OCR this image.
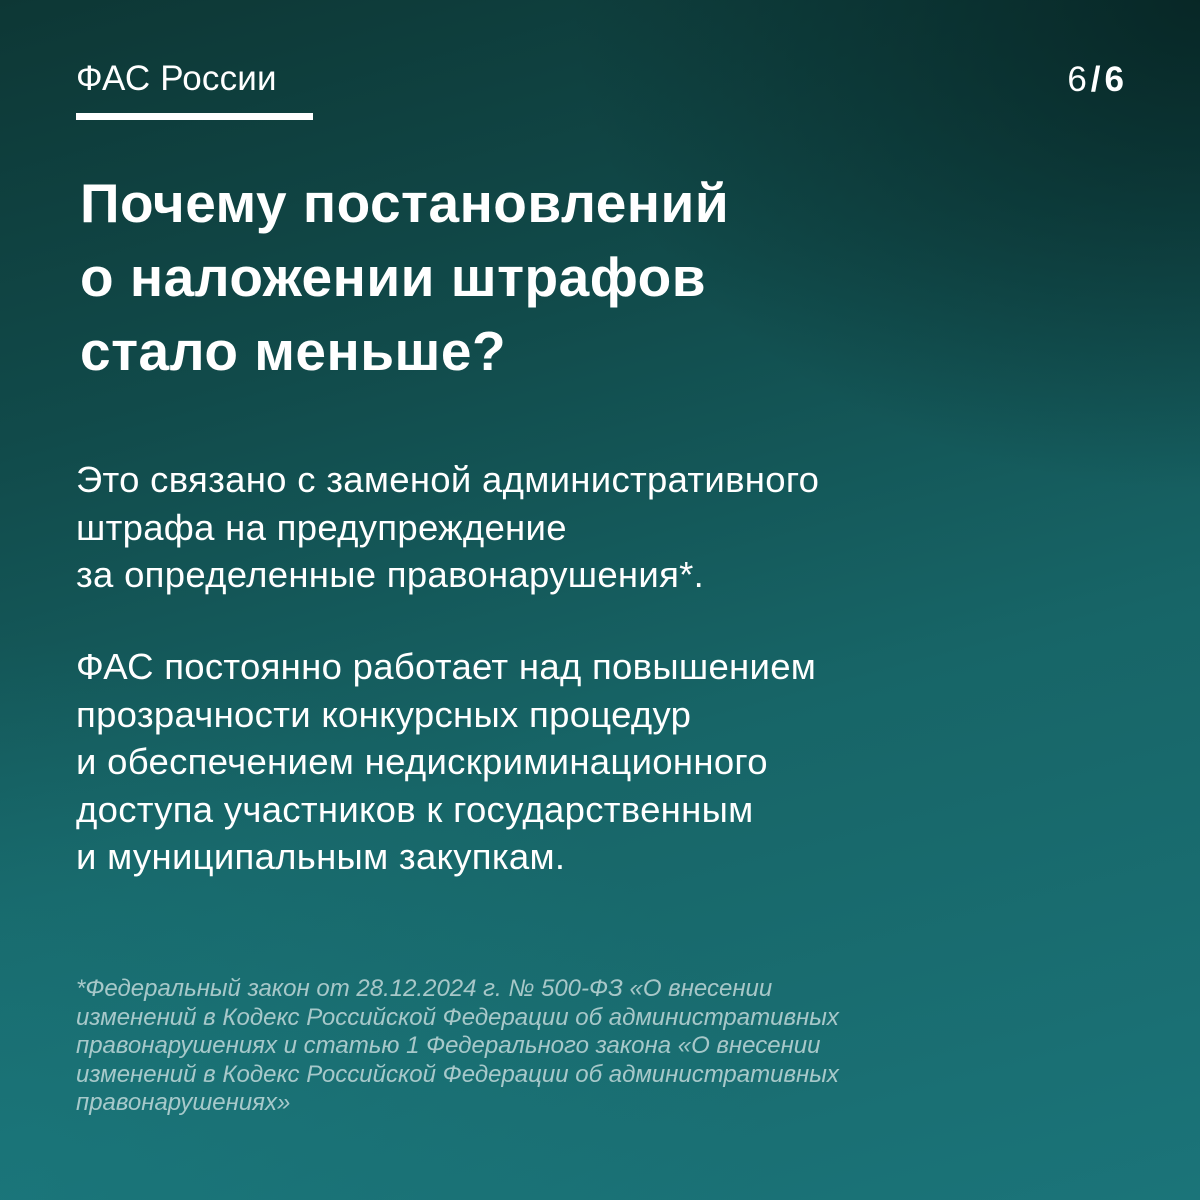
ФАС России	6 / 6
Почему постановлений
о наложении штрафов
стало меньше?

Это связано с заменой административного
штрафа на предупреждение
за определенные правонарушения*.

ФАС постоянно работает над повышением
прозрачности конкурсных процедур
и обеспечением недискриминационного
доступа участников к государственным
и муниципальным закупкам.

*Федеральный закон от 28.12.2024 г. № 500-ФЗ «О внесении
изменений в Кодекс Российской Федерации об административных
правонарушениях и статью 1 Федерального закона «О внесении
изменений в Кодекс Российской Федерации об административных
правонарушениях»
